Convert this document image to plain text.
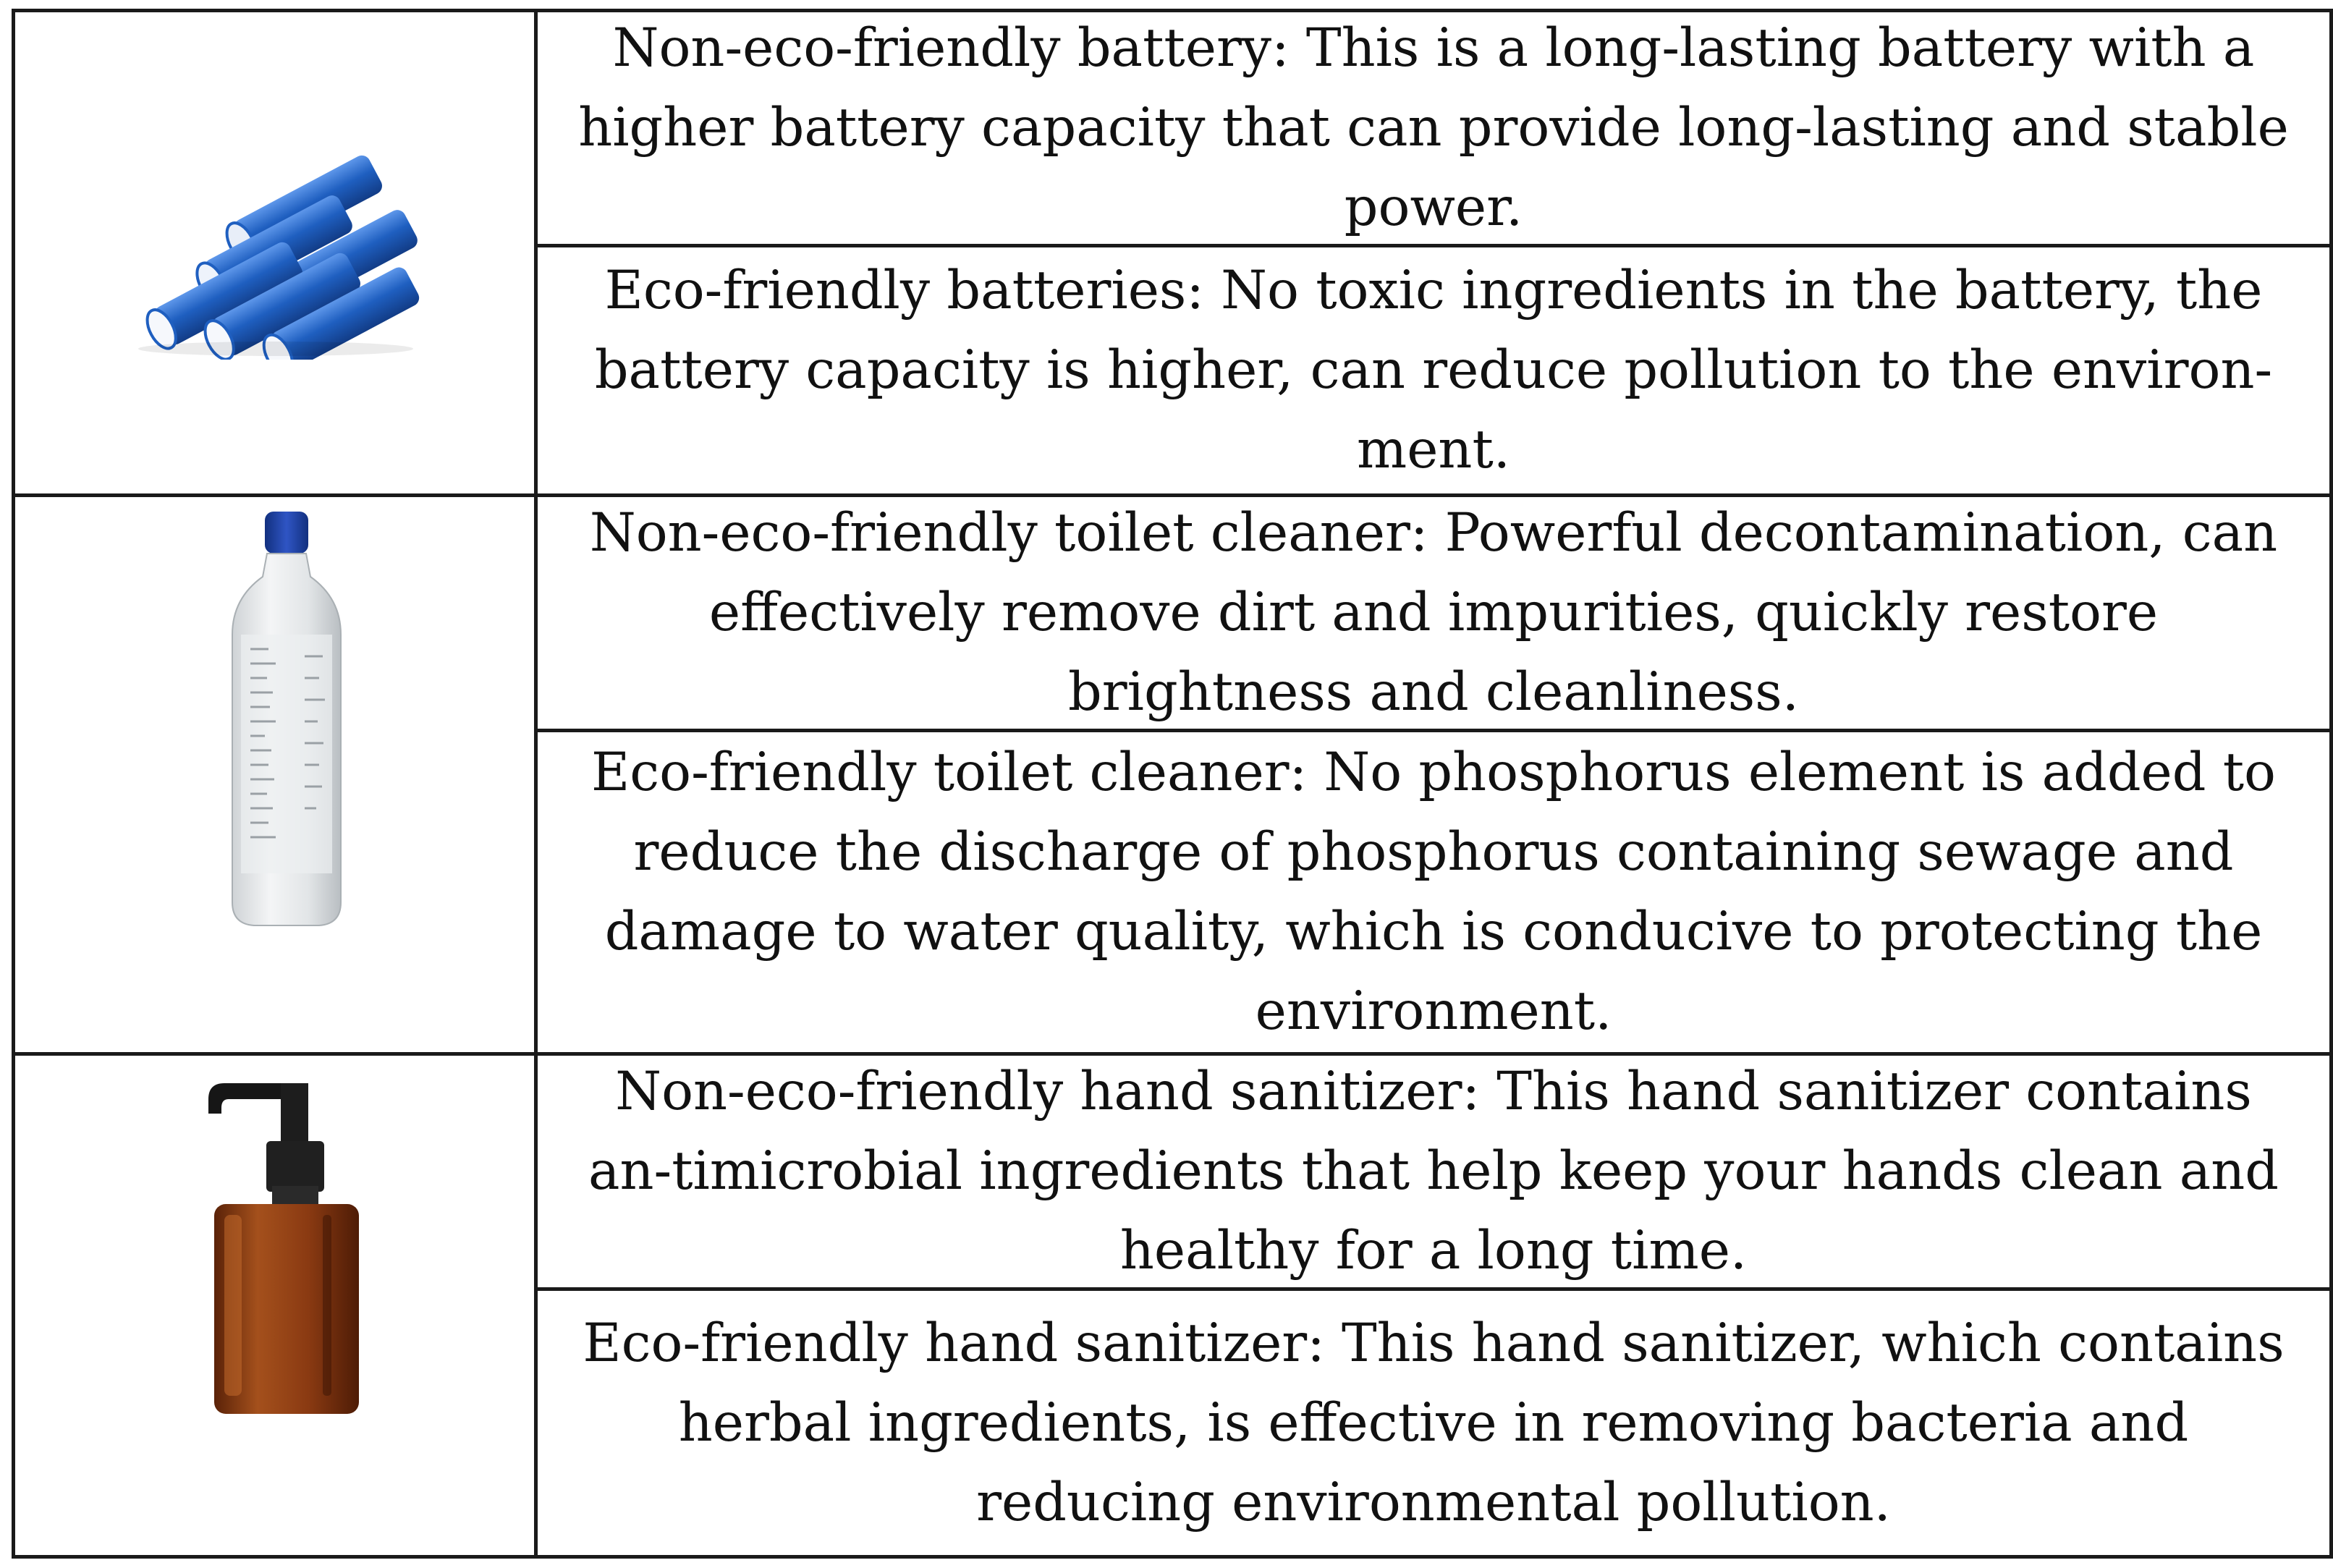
Non-eco-friendly battery: This is a long-lasting battery with a higher battery capacity that can provide long-lasting and stable power.
Eco-friendly batteries: No toxic ingredients in the battery, the battery capacity is higher, can reduce pollution to the environ-ment.
Non-eco-friendly toilet cleaner: Powerful decontamination, can effectively remove dirt and impurities, quickly restore brightness and cleanliness.
Eco-friendly toilet cleaner: No phosphorus element is added to reduce the discharge of phosphorus containing sewage and damage to water quality, which is conducive to protecting the environment.
Non-eco-friendly hand sanitizer: This hand sanitizer contains an-timicrobial ingredients that help keep your hands clean and healthy for a long time.
Eco-friendly hand sanitizer: This hand sanitizer, which contains herbal ingredients, is effective in removing bacteria and reducing environmental pollution.
